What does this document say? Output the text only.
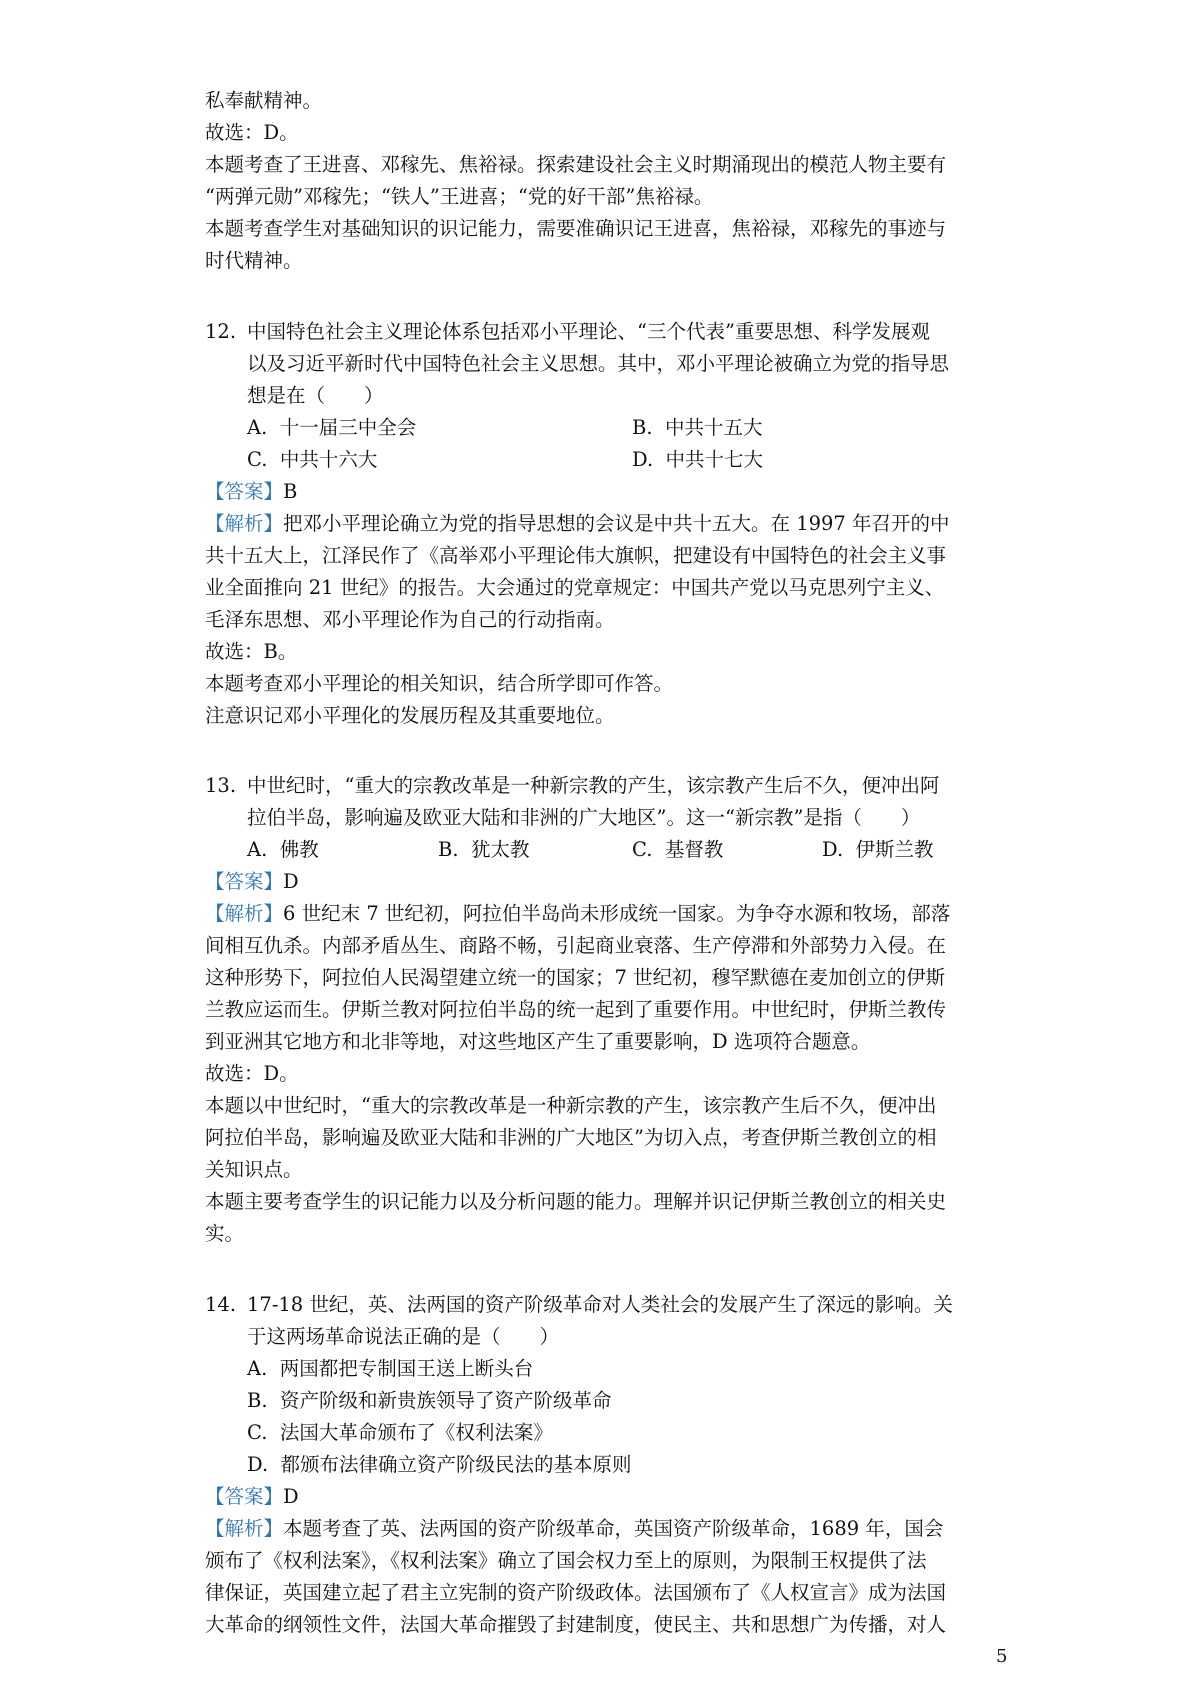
私奉献精神。
故选：D。
本题考查了王进喜、邓稼先、焦裕禄。探索建设社会主义时期涌现出的模范人物主要有
“两弹元勋”邓稼先；“铁人”王进喜；“党的好干部”焦裕禄。
本题考查学生对基础知识的识记能力，需要准确识记王进喜，焦裕禄，邓稼先的事迹与
时代精神。
12. 中国特色社会主义理论体系包括邓小平理论、“三个代表”重要思想、科学发展观
以及习近平新时代中国特色社会主义思想。其中，邓小平理论被确立为党的指导思
想是在（　　）
A. 十一届三中全会	B. 中共十五大
C. 中共十六大	D. 中共十七大
【答案】B
【解析】把邓小平理论确立为党的指导思想的会议是中共十五大。在 1997 年召开的中
共十五大上，江泽民作了《高举邓小平理论伟大旗帜，把建设有中国特色的社会主义事
业全面推向 21 世纪》的报告。大会通过的党章规定：中国共产党以马克思列宁主义、
毛泽东思想、邓小平理论作为自己的行动指南。
故选：B。
本题考查邓小平理论的相关知识，结合所学即可作答。
注意识记邓小平理化的发展历程及其重要地位。
13. 中世纪时，“重大的宗教改革是一种新宗教的产生，该宗教产生后不久，便冲出阿
拉伯半岛，影响遍及欧亚大陆和非洲的广大地区”。这一“新宗教”是指（　　）
A. 佛教	B. 犹太教	C. 基督教	D. 伊斯兰教
【答案】D
【解析】6 世纪末 7 世纪初，阿拉伯半岛尚未形成统一国家。为争夺水源和牧场，部落
间相互仇杀。内部矛盾丛生、商路不畅，引起商业衰落、生产停滞和外部势力入侵。在
这种形势下，阿拉伯人民渴望建立统一的国家；7 世纪初，穆罕默德在麦加创立的伊斯
兰教应运而生。伊斯兰教对阿拉伯半岛的统一起到了重要作用。中世纪时，伊斯兰教传
到亚洲其它地方和北非等地，对这些地区产生了重要影响，D 选项符合题意。
故选：D。
本题以中世纪时，“重大的宗教改革是一种新宗教的产生，该宗教产生后不久，便冲出
阿拉伯半岛，影响遍及欧亚大陆和非洲的广大地区”为切入点，考查伊斯兰教创立的相
关知识点。
本题主要考查学生的识记能力以及分析问题的能力。理解并识记伊斯兰教创立的相关史
实。
14. 17-18 世纪，英、法两国的资产阶级革命对人类社会的发展产生了深远的影响。关
于这两场革命说法正确的是（　　）
A. 两国都把专制国王送上断头台
B. 资产阶级和新贵族领导了资产阶级革命
C. 法国大革命颁布了《权利法案》
D. 都颁布法律确立资产阶级民法的基本原则
【答案】D
【解析】本题考查了英、法两国的资产阶级革命，英国资产阶级革命，1689 年，国会
颁布了《权利法案》，《权利法案》确立了国会权力至上的原则，为限制王权提供了法
律保证，英国建立起了君主立宪制的资产阶级政体。法国颁布了《人权宣言》成为法国
大革命的纲领性文件，法国大革命摧毁了封建制度，使民主、共和思想广为传播，对人
5
